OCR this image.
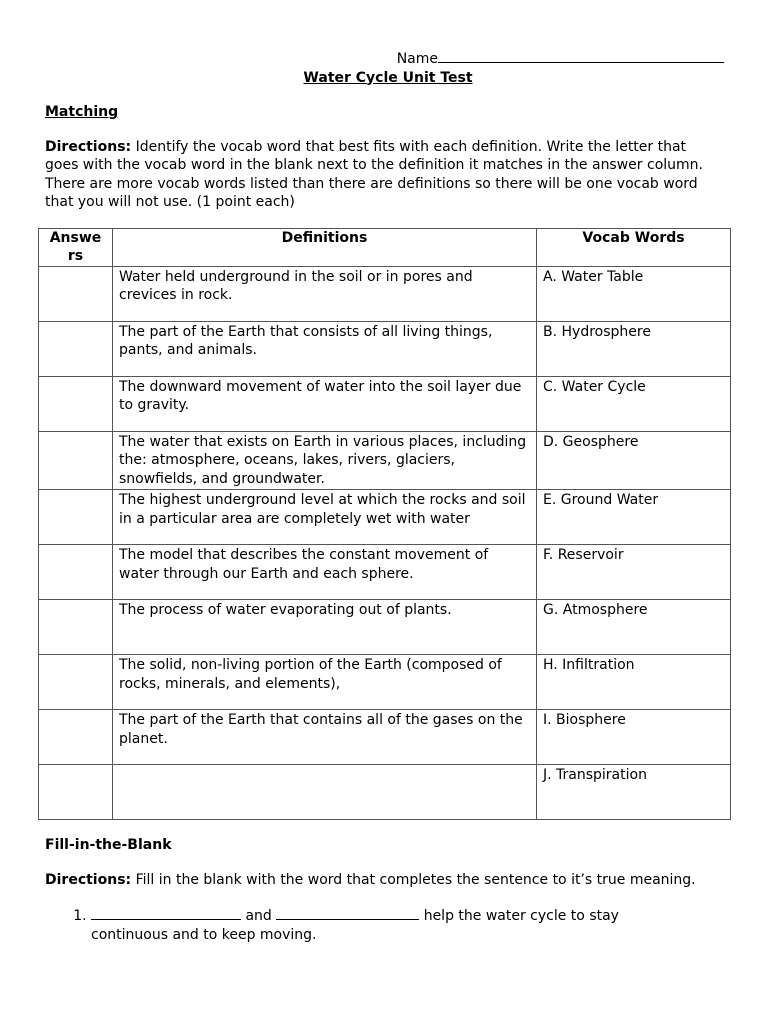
Name
Water Cycle Unit Test
Matching
Directions: Identify the vocab word that best fits with each definition. Write the letter that goes with the vocab word in the blank next to the definition it matches in the answer column. There are more vocab words listed than there are definitions so there will be one vocab word that you will not use. (1 point each)
Answers	Definitions	Vocab Words
	Water held underground in the soil or in pores and crevices in rock.	A. Water Table
	The part of the Earth that consists of all living things, pants, and animals.	B. Hydrosphere
	The downward movement of water into the soil layer due to gravity.	C. Water Cycle
	The water that exists on Earth in various places, including the: atmosphere, oceans, lakes, rivers, glaciers, snowfields, and groundwater.	D. Geosphere
	The highest underground level at which the rocks and soil in a particular area are completely wet with water	E. Ground Water
	The model that describes the constant movement of water through our Earth and each sphere.	F. Reservoir
	The process of water evaporating out of plants.	G. Atmosphere
	The solid, non-living portion of the Earth (composed of rocks, minerals, and elements),	H. Infiltration
	The part of the Earth that contains all of the gases on the planet.	I. Biosphere
		J. Transpiration
Fill-in-the-Blank
Directions: Fill in the blank with the word that completes the sentence to it’s true meaning.
1. and	help the water cycle to stay continuous and to keep moving.
